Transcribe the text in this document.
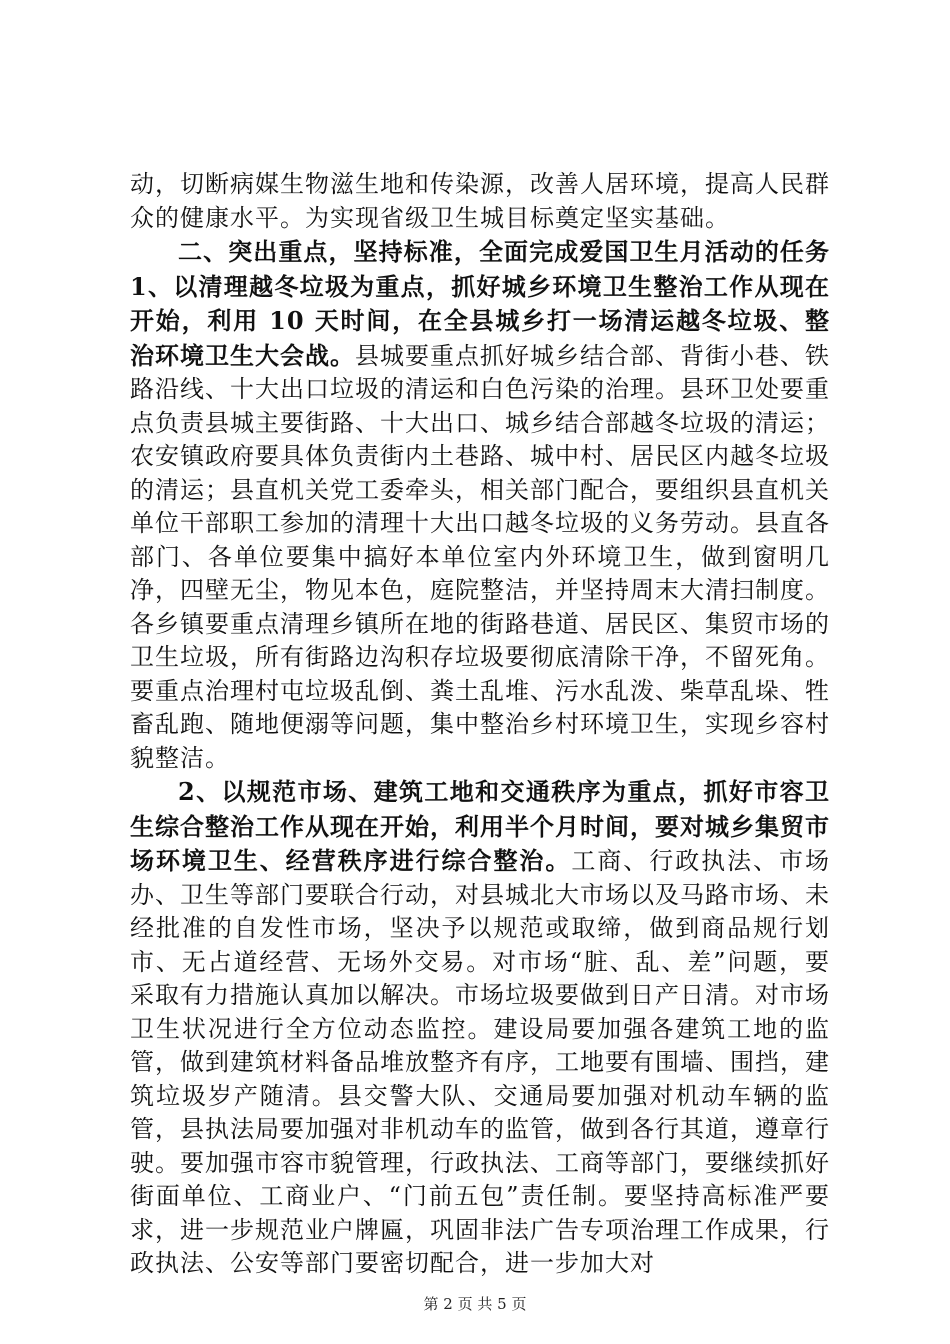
动，切断病媒生物滋生地和传染源，改善人居环境，提高人民群众的健康水平。为实现省级卫生城目标奠定坚实基础。

二、突出重点，坚持标准，全面完成爱国卫生月活动的任务 1、以清理越冬垃圾为重点，抓好城乡环境卫生整治工作从现在开始，利用 10 天时间，在全县城乡打一场清运越冬垃圾、整治环境卫生大会战。县城要重点抓好城乡结合部、背街小巷、铁路沿线、十大出口垃圾的清运和白色污染的治理。县环卫处要重点负责县城主要街路、十大出口、城乡结合部越冬垃圾的清运；农安镇政府要具体负责街内土巷路、城中村、居民区内越冬垃圾的清运；县直机关党工委牵头，相关部门配合，要组织县直机关单位干部职工参加的清理十大出口越冬垃圾的义务劳动。县直各部门、各单位要集中搞好本单位室内外环境卫生，做到窗明几净，四壁无尘，物见本色，庭院整洁，并坚持周末大清扫制度。各乡镇要重点清理乡镇所在地的街路巷道、居民区、集贸市场的卫生垃圾，所有街路边沟积存垃圾要彻底清除干净，不留死角。要重点治理村屯垃圾乱倒、粪土乱堆、污水乱泼、柴草乱垛、牲畜乱跑、随地便溺等问题，集中整治乡村环境卫生，实现乡容村貌整洁。

2、以规范市场、建筑工地和交通秩序为重点，抓好市容卫生综合整治工作从现在开始，利用半个月时间，要对城乡集贸市场环境卫生、经营秩序进行综合整治。工商、行政执法、市场办、卫生等部门要联合行动，对县城北大市场以及马路市场、未经批准的自发性市场，坚决予以规范或取缔，做到商品规行划市、无占道经营、无场外交易。对市场“脏、乱、差”问题，要采取有力措施认真加以解决。市场垃圾要做到日产日清。对市场卫生状况进行全方位动态监控。建设局要加强各建筑工地的监管，做到建筑材料备品堆放整齐有序，工地要有围墙、围挡，建筑垃圾岁产随清。县交警大队、交通局要加强对机动车辆的监管，县执法局要加强对非机动车的监管，做到各行其道，遵章行驶。要加强市容市貌管理，行政执法、工商等部门，要继续抓好街面单位、工商业户、“门前五包”责任制。要坚持高标准严要求，进一步规范业户牌匾，巩固非法广告专项治理工作成果，行政执法、公安等部门要密切配合，进一步加大对

第 2 页 共 5 页
